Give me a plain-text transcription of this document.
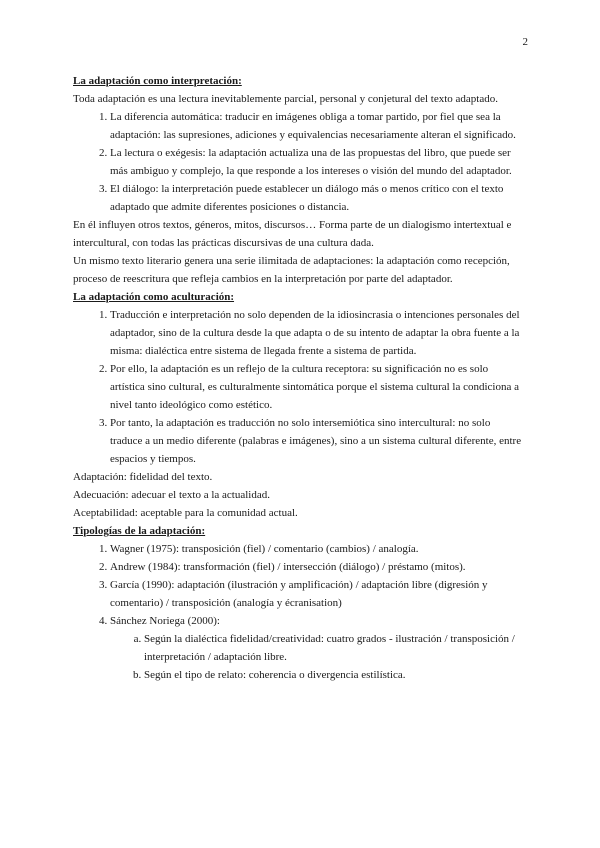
2

La adaptación como interpretación:

Toda adaptación es una lectura inevitablemente parcial, personal y conjetural del texto adaptado.

1. La diferencia automática: traducir en imágenes obliga a tomar partido, por fiel que sea la adaptación: las supresiones, adiciones y equivalencias necesariamente alteran el significado.
2. La lectura o exégesis: la adaptación actualiza una de las propuestas del libro, que puede ser más ambiguo y complejo, la que responde a los intereses o visión del mundo del adaptador.
3. El diálogo: la interpretación puede establecer un diálogo más o menos crítico con el texto adaptado que admite diferentes posiciones o distancia.

En él influyen otros textos, géneros, mitos, discursos… Forma parte de un dialogismo intertextual e intercultural, con todas las prácticas discursivas de una cultura dada.

Un mismo texto literario genera una serie ilimitada de adaptaciones: la adaptación como recepción, proceso de reescritura que refleja cambios en la interpretación por parte del adaptador.

La adaptación como aculturación:

1. Traducción e interpretación no solo dependen de la idiosincrasia o intenciones personales del adaptador, sino de la cultura desde la que adapta o de su intento de adaptar la obra fuente a la misma: dialéctica entre sistema de llegada frente a sistema de partida.
2. Por ello, la adaptación es un reflejo de la cultura receptora: su significación no es solo artística sino cultural, es culturalmente sintomática porque el sistema cultural la condiciona a nivel tanto ideológico como estético.
3. Por tanto, la adaptación es traducción no solo intersemiótica sino intercultural: no solo traduce a un medio diferente (palabras e imágenes), sino a un sistema cultural diferente, entre espacios y tiempos.

Adaptación: fidelidad del texto.

Adecuación: adecuar el texto a la actualidad.

Aceptabilidad: aceptable para la comunidad actual.

Tipologías de la adaptación:

1. Wagner (1975): transposición (fiel) / comentario (cambios) / analogía.
2. Andrew (1984): transformación (fiel) / intersección (diálogo) / préstamo (mitos).
3. García (1990): adaptación (ilustración y amplificación) / adaptación libre (digresión y comentario) / transposición (analogía y écranisation)
4. Sánchez Noriega (2000):
a. Según la dialéctica fidelidad/creatividad: cuatro grados - ilustración / transposición / interpretación / adaptación libre.
b. Según el tipo de relato: coherencia o divergencia estilística.
